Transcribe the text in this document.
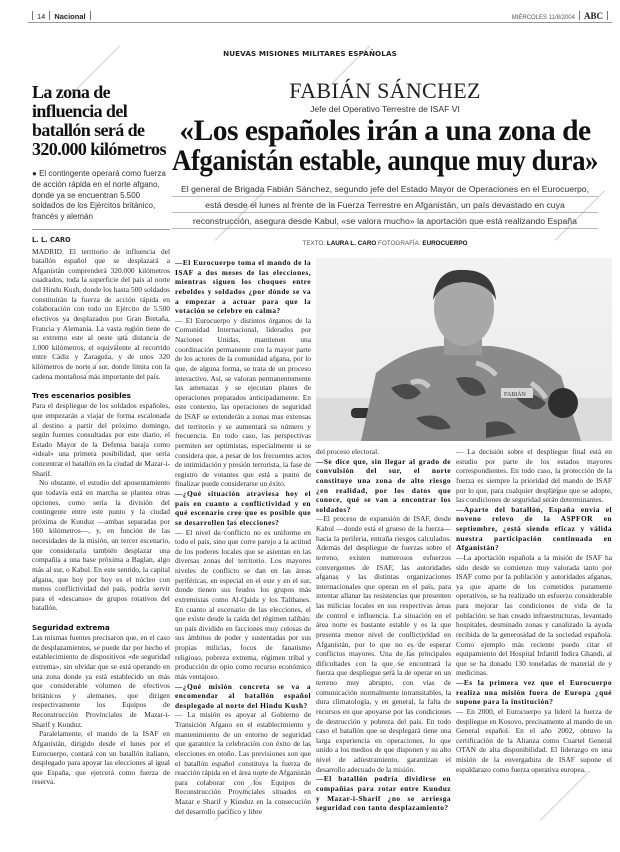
14 Nacional	MIÉRCOLES 11/8/2004 ABC
NUEVAS MISIONES MILITARES ESPAÑOLAS
La zona de influencia del batallón será de 320.000 kilómetros
● El contingente operará como fuerza de acción rápida en el norte afgano, donde ya se encuentran 5.500 soldados de los Ejércitos británico, francés y alemán
L. L. CARO

MADRID. El territorio de influencia del batallón español que se desplazará a Afganistán comprenderá 320.000 kilómetros cuadrados, toda la superficie del país al norte del Hindu Kush, donde los hasta 500 soldados constituirán la fuerza de acción rápida en colaboración con todo un Ejército de 5.500 efectivos ya desplazados por Gran Bretaña, Francia y Alemania. La vasta región tiene de su extremo este al oeste una distancia de 1.000 kilómetros, el equivalente al recorrido entre Cádiz y Zaragoza, y de unos 320 kilómetros de norte a sur, donde limita con la cadena montañosa más importante del país.

Tres escenarios posibles

Para el despliegue de los soldados españoles, que empezarán a viajar de forma escalonada al destino a partir del próximo domingo, según fuentes consultadas por este diario, el Estado Mayor de la Defensa baraja como «ideal» una primera posibilidad, que sería concentrar el batallón en la ciudad de Mazar-i-Sharif.

No obstante, el estudio del aposentamiento que todavía está en marcha se plantea otras opciones, como sería la división del contingente entre este punto y la ciudad próxima de Kunduz —ambas separadas por 160 kilómetros—, y, en función de las necesidades de la misión, un tercer escenario, que consideraría también desplazar una compañía a una base próxima a Baglan, algo más al sur, o Kabul. En este sentido, la capital afgana, que hoy por hoy es el núcleo con menos conflictividad del país, podría servir para el «descanso» de grupos rotativos del batallón.

Seguridad extrema

Las mismas fuentes precisaron que, en el caso de desplazamientos, se puede dar por hecho el establecimiento de dispositivos «de seguridad extrema», sin olvidar que se está operando en una zona donde ya está establecido un más que considerable volumen de efectivos británicos y alemanes, que dirigen respectivamente los Equipos de Reconstrucción Provinciales de Mazar-i-Sharif y Kunduz.

Paralelamente, el mando de la ISAF en Afganistán, dirigido desde el lunes por el Eurocuerpo, contará con un batallón italiano, desplegado para apoyar las elecciones al igual que España, que ejercerá como fuerza de reserva.

FABIÁN SÁNCHEZ
Jefe del Operativo Terrestre de ISAF VI
«Los españoles irán a una zona de
Afganistán estable, aunque muy dura»
El general de Brigada Fabián Sánchez, segundo jefe del Estado Mayor de Operaciones en el Eurocuerpo,
está desde el lunes al frente de la Fuerza Terrestre en Afganistán, un país devastado en cuya
reconstrucción, asegura desde Kabul, «se valora mucho» la aportación que está realizando España
TEXTO: LAURA L. CARO FOTOGRAFÍA: EUROCUERPO
FABIÁN

—El Eurocuerpo toma el mando de la ISAF a dos meses de las elecciones, mientras siguen los choques entre rebeldes y soldados ¿por dónde se va a empezar a actuar para que la votación se celebre en calma?

— El Eurocuerpo y distintos órganos de la Comunidad Internacional, liderados por Naciones Unidas, mantienen una coordinación permanente con la mayor parte de los actores de la comunidad afgana, por lo que, de alguna forma, se trata de un proceso interactivo. Así, se valoran permanentemente las amenazas y se ejecutan planes de operaciones preparados anticipadamente. En este contexto, las operaciones de seguridad de ISAF se extenderán a zonas mas extensas del territorio y se aumentará su número y frecuencia. En todo caso, las perspectivas permiten ser optimistas, especialmente si se considera que, a pesar de los frecuentes actos de intimidación y presión terrorista, la fase de registro de votantes que está a punto de finalizar puede considerarse un éxito.

—¿Qué situación atraviesa hoy el país en cuanto a conflictividad y en qué escenario cree que es posible que se desarrollen las elecciones?

— El nivel de conflicto no es uniforme en todo el país, sino que corre parejo a la actitud de los poderes locales que se asientan en las diversas zonas del territorio. Los mayores niveles de conflicto se dan en las áreas periféricas, en especial en el este y en el sur, donde tienen sus feudos los grupos más extremistas como Al-Qaida y los Talibanes. En cuanto al escenario de las elecciones, el que existe desde la caída del régimen talibán: un país dividido en facciones muy celosas de sus ámbitos de poder y sustentadas por sus propias milicias, focos de fanatismo religioso, pobreza extrema, régimen tribal y producción de opio como recurso económico más ventajoso.

—¿Qué misión concreta se va a encomendar al batallón español desplegado al norte del Hindu Kush?

— La misión es apoyar al Gobierno de Transición Afgano en el establecimiento y mantenimiento de un entorno de seguridad que garantice la celebración con éxito de las elecciones en otoño. Las previsiones son que el batallón español constituya la fuerza de reacción rápida en el área norte de Afganistán para colaborar con los Equipos de Reconstrucción Provinciales situados en Mazar e Sharif y Kunduz en la consecución del desarrollo pacífico y libre

del proceso electoral.

—Se dice que, sin llegar al grado de convulsión del sur, el norte constituye una zona de alto riesgo ¿en realidad, por los datos que conoce, qué se van a encontrar los soldados?

—El proceso de expansión de ISAF, desde Kabul —donde está el grueso de la fuerza— hacia la periferia, entraña riesgos calculados. Además del despliegue de fuerzas sobre el terreno, existen numerosos esfuerzos convergentes de ISAF, las autoridades afganas y las distintas organizaciones internacionales que operan en el país, para intentar allanar las resistencias que presenten las milicias locales en sus respectivas áreas de control e influencia. La situación en el área norte es bastante estable y es la que presenta menor nivel de conflictividad en Afganistán, por lo que no es de esperar conflictos mayores. Una de las principales dificultades con la que se encontrará la fuerza que despliegue será la de operar en un terreno muy abrupto, con vías de comunicación normalmente intransitables, la dura climatología, y en general, la falta de recursos en que apoyarse por las condiciones de destrucción y pobreza del país. En todo caso el batallón que se desplegará tiene una larga experiencia en operaciones, lo que unido a los medios de que disponen y su alto nivel de adiestramiento, garantizan el desarrollo adecuado de la misión.

—El batallón podría dividirse en compañías para rotar entre Kunduz y Mazar-i-Sharif ¿no se arriesga seguridad con tanto desplazamiento?

— La decisión sobre el despliegue final está en estudio por parte de los estados mayores correspondientes. En todo caso, la protección de la fuerza es siempre la prioridad del mando de ISAF por lo que, para cualquier despliegue que se adopte, las condiciones de seguridad serán determinantes.

—Aparte del batallón, España envía el noveno relevo de la ASPFOR en septiembre, ¿está siendo eficaz y válida nuestra participación continuada en Afganistán?

—La aportación española a la misión de ISAF ha sido desde su comienzo muy valorada tanto por ISAF como por la población y autoridades afganas, ya que aparte de los cometidos puramente operativos, se ha realizado un esfuerzo considerable para mejorar las condiciones de vida de la población: se han creado infraestructuras, levantado hospitales, desminado zonas y canalizado la ayuda recibida de la generosidad de la sociedad española. Como ejemplo más reciente puedo citar el equipamiento del Hospital Infantil Indira Ghandi, al que se ha donado 130 toneladas de material de y medicinas.

—Es la primera vez que el Eurocuerpo realiza una misión fuera de Europa ¿qué supone para la institución?

— En 2000, el Eurocuerpo ya lideró la fuerza de despliegue en Kosovo, precisamente al mando de un General español. En el año 2002, obtuvo la certificación de la Alianza como Cuartel General OTAN de alta disponibilidad. El liderazgo en una misión de la envergadura de ISAF supone el espaldarazo como fuerza operativa europea.
